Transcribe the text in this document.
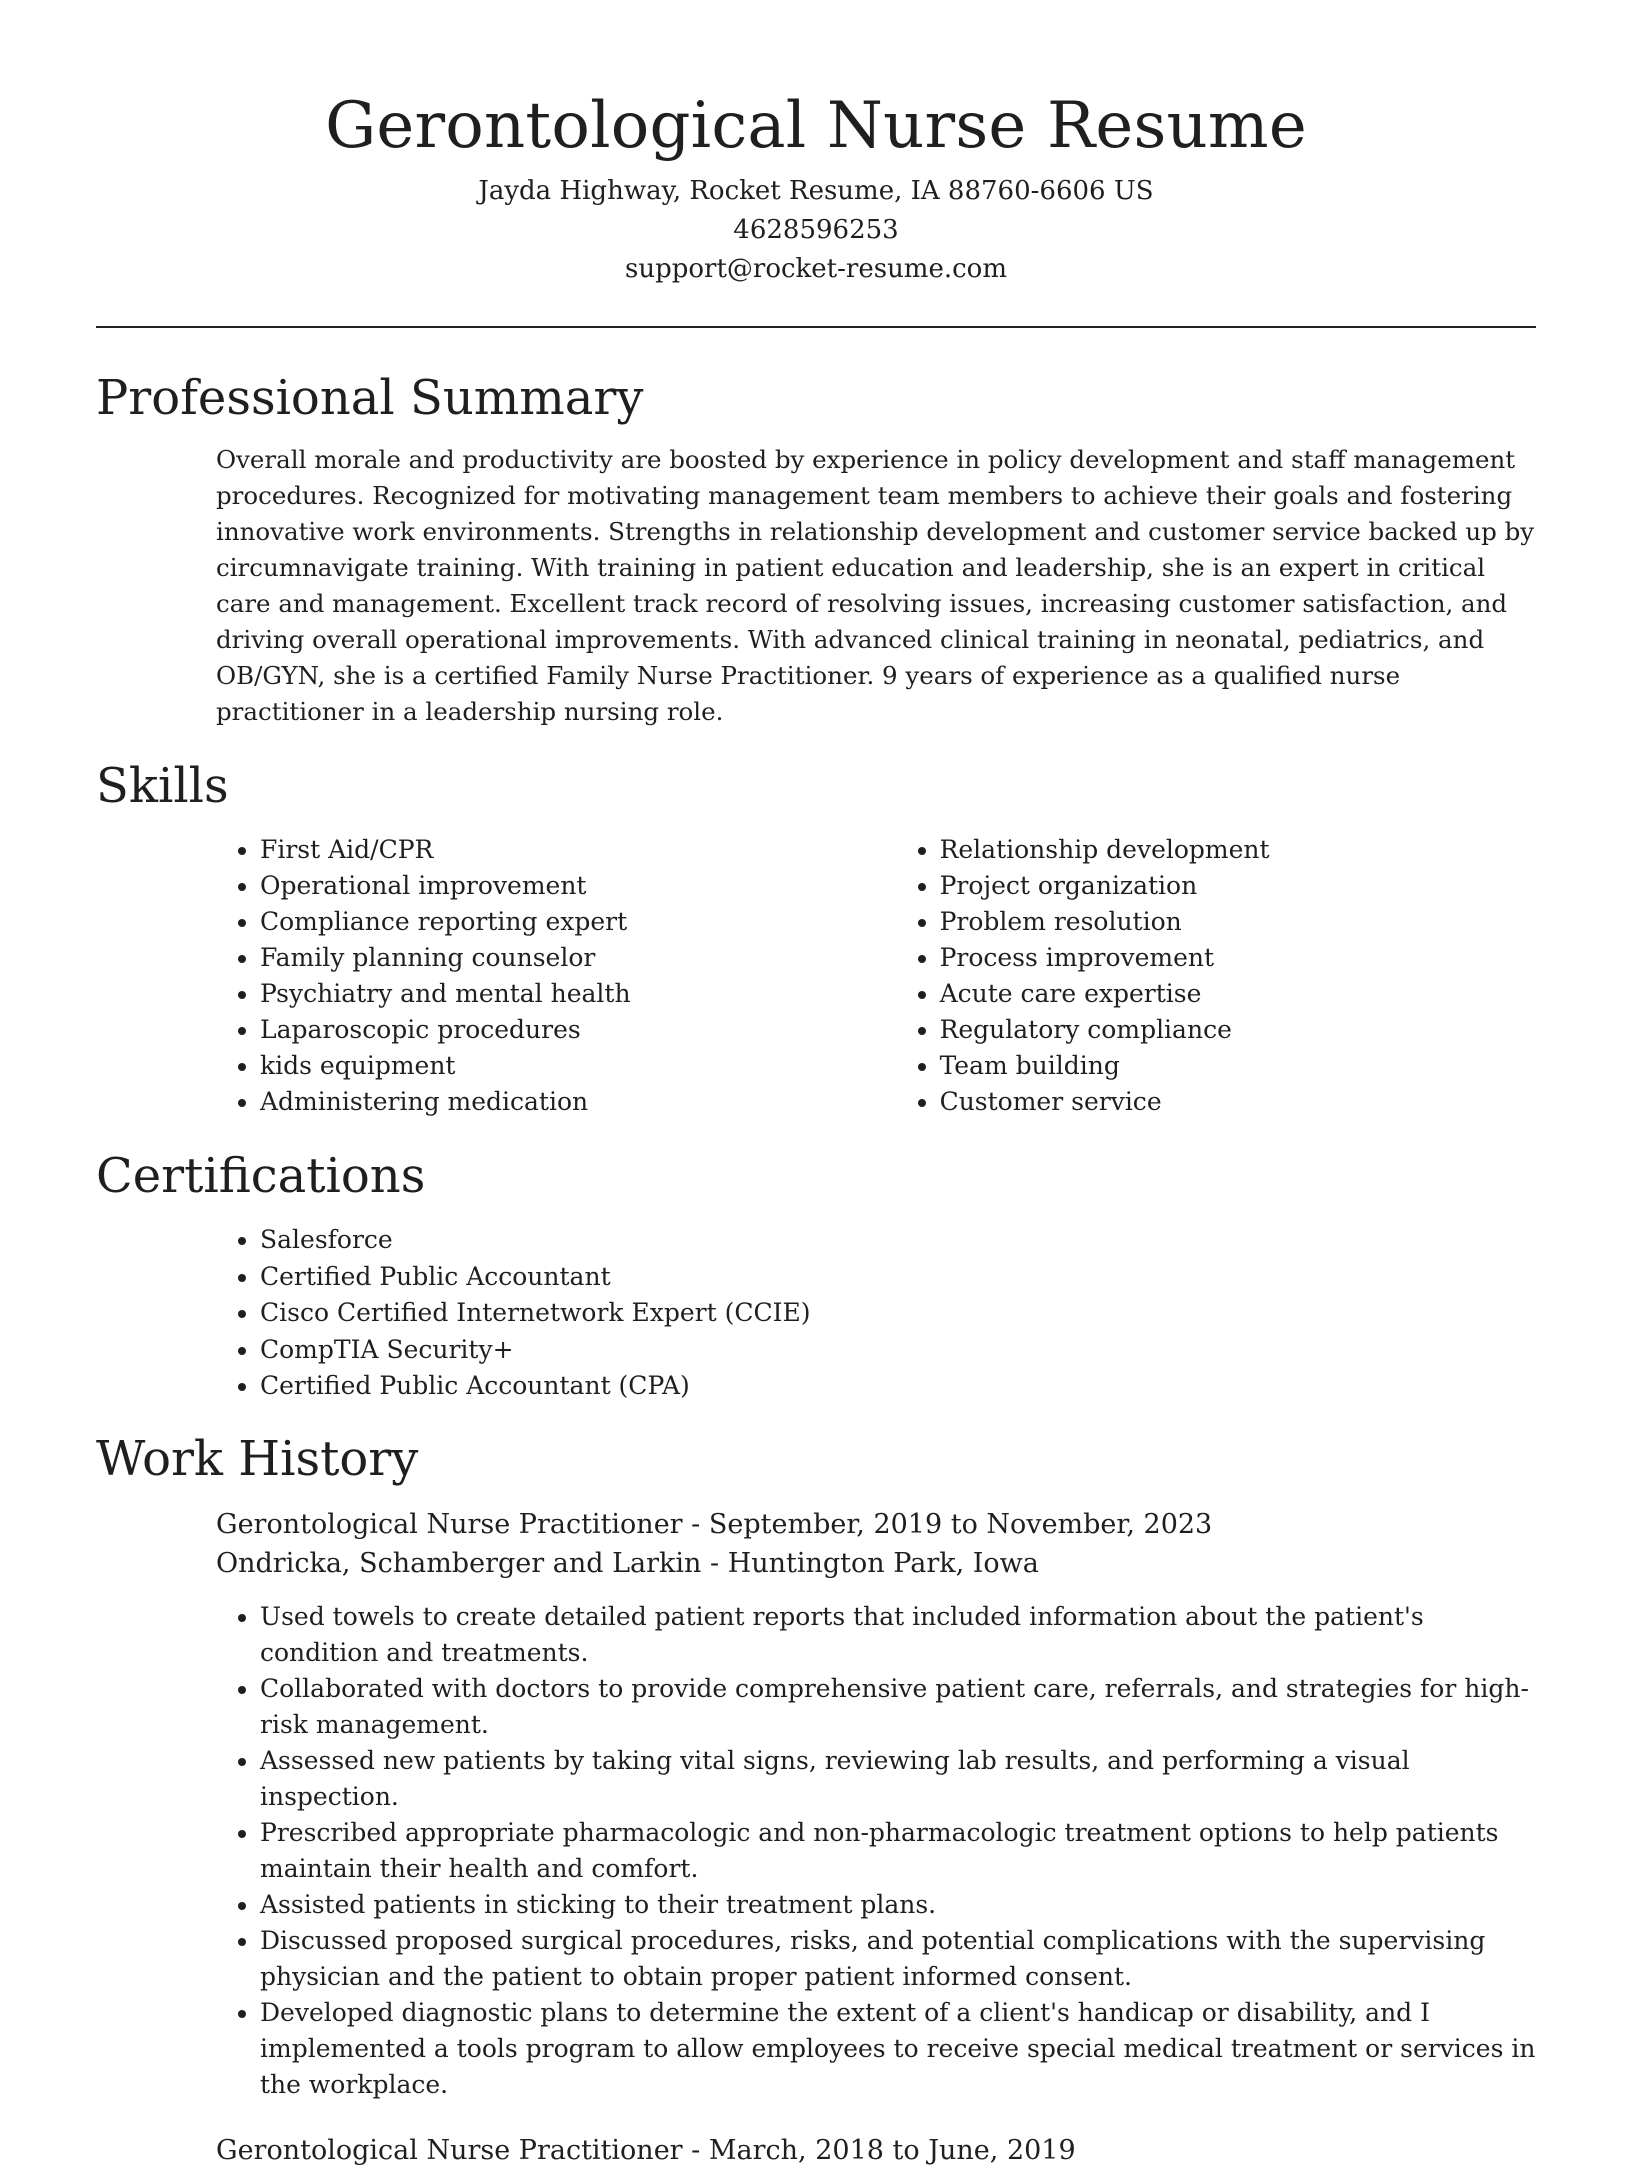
Gerontological Nurse Resume
Jayda Highway, Rocket Resume, IA 88760-6606 US
4628596253
support@rocket-resume.com
Professional Summary

Overall morale and productivity are boosted by experience in policy development and staff management procedures. Recognized for motivating management team members to achieve their goals and fostering innovative work environments. Strengths in relationship development and customer service backed up by circumnavigate training. With training in patient education and leadership, she is an expert in critical care and management. Excellent track record of resolving issues, increasing customer satisfaction, and driving overall operational improvements. With advanced clinical training in neonatal, pediatrics, and OB/GYN, she is a certified Family Nurse Practitioner. 9 years of experience as a qualified nurse practitioner in a leadership nursing role.

Skills
• First Aid/CPR
• Operational improvement
• Compliance reporting expert
• Family planning counselor
• Psychiatry and mental health
• Laparoscopic procedures
• kids equipment
• Administering medication
• Relationship development
• Project organization
• Problem resolution
• Process improvement
• Acute care expertise
• Regulatory compliance
• Team building
• Customer service
Certifications
• Salesforce
• Certified Public Accountant
• Cisco Certified Internetwork Expert (CCIE)
• CompTIA Security+
• Certified Public Accountant (CPA)
Work History
Gerontological Nurse Practitioner - September, 2019 to November, 2023
Ondricka, Schamberger and Larkin - Huntington Park, Iowa
• Used towels to create detailed patient reports that included information about the patient's condition and treatments.
• Collaborated with doctors to provide comprehensive patient care, referrals, and strategies for high-risk management.
• Assessed new patients by taking vital signs, reviewing lab results, and performing a visual inspection.
• Prescribed appropriate pharmacologic and non-pharmacologic treatment options to help patients maintain their health and comfort.
• Assisted patients in sticking to their treatment plans.
• Discussed proposed surgical procedures, risks, and potential complications with the supervising physician and the patient to obtain proper patient informed consent.
• Developed diagnostic plans to determine the extent of a client's handicap or disability, and I implemented a tools program to allow employees to receive special medical treatment or services in the workplace.
Gerontological Nurse Practitioner - March, 2018 to June, 2019
